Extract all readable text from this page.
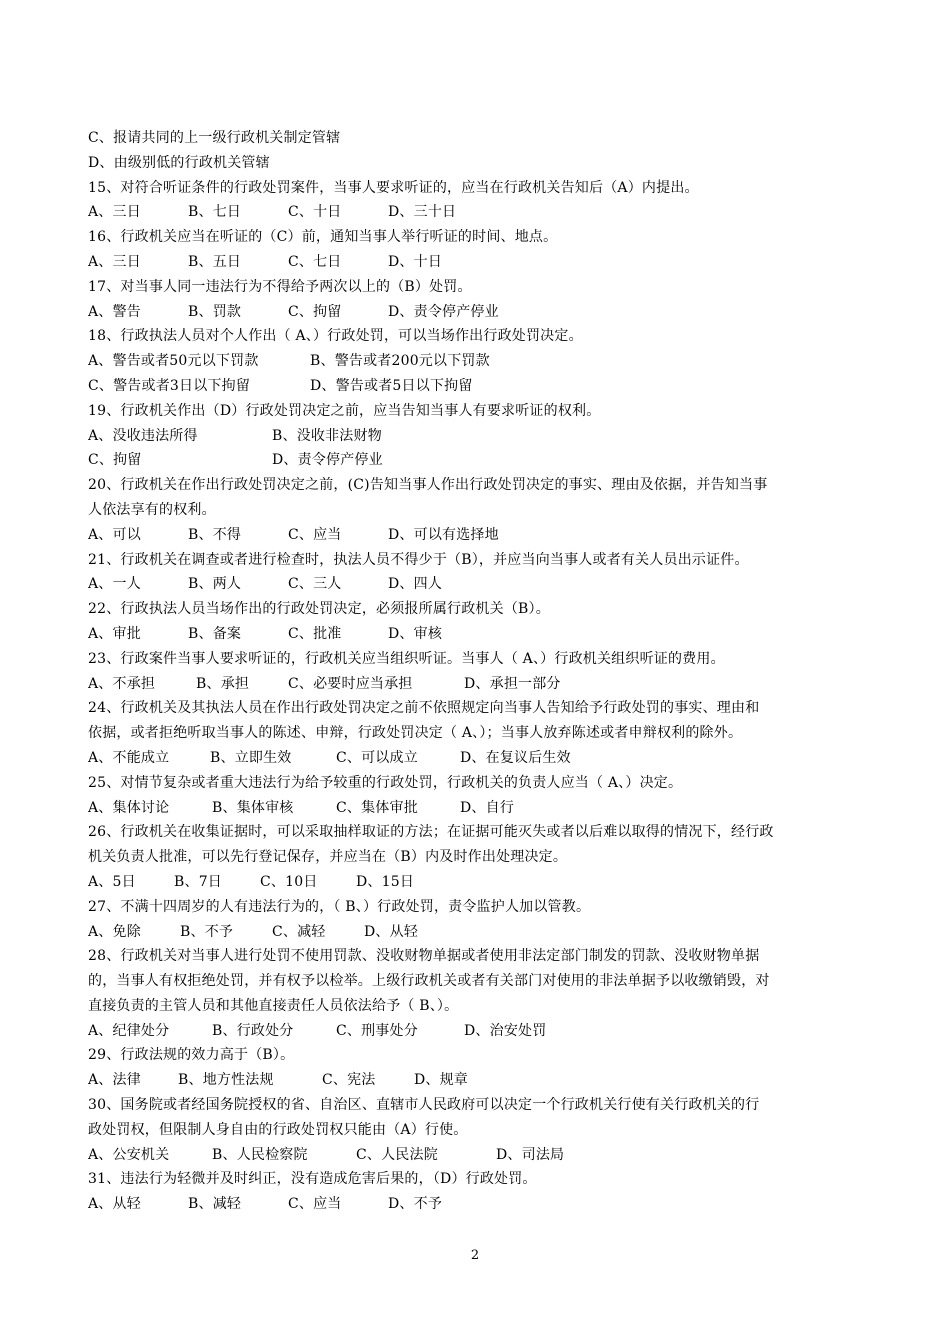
C、报请共同的上一级行政机关制定管辖
D、由级别低的行政机关管辖
15、对符合听证条件的行政处罚案件，当事人要求听证的，应当在行政机关告知后（A）内提出。
A、三日	B、七日	C、十日	D、三十日
16、行政机关应当在听证的（C）前，通知当事人举行听证的时间、地点。
A、三日	B、五日	C、七日	D、十日
17、对当事人同一违法行为不得给予两次以上的（B）处罚。
A、警告	B、罚款	C、拘留	D、责令停产停业
18、行政执法人员对个人作出（ A、）行政处罚，可以当场作出行政处罚决定。
A、警告或者50元以下罚款	B、警告或者200元以下罚款
C、警告或者3日以下拘留	D、警告或者5日以下拘留
19、行政机关作出（D）行政处罚决定之前，应当告知当事人有要求听证的权利。
A、没收违法所得	B、没收非法财物
C、拘留	D、责令停产停业
20、行政机关在作出行政处罚决定之前，(C)告知当事人作出行政处罚决定的事实、理由及依据，并告知当事
人依法享有的权利。
A、可以	B、不得	C、应当	D、可以有选择地
21、行政机关在调查或者进行检查时，执法人员不得少于（B），并应当向当事人或者有关人员出示证件。
A、一人	B、两人	C、三人	D、四人
22、行政执法人员当场作出的行政处罚决定，必须报所属行政机关（B）。
A、审批	B、备案	C、批准	D、审核
23、行政案件当事人要求听证的，行政机关应当组织听证。当事人（ A、）行政机关组织听证的费用。
A、不承担	B、承担	C、必要时应当承担	D、承担一部分
24、行政机关及其执法人员在作出行政处罚决定之前不依照规定向当事人告知给予行政处罚的事实、理由和
依据，或者拒绝听取当事人的陈述、申辩，行政处罚决定（ A、）；当事人放弃陈述或者申辩权利的除外。
A、不能成立	B、立即生效	C、可以成立	D、在复议后生效
25、对情节复杂或者重大违法行为给予较重的行政处罚，行政机关的负责人应当（ A、）决定。
A、集体讨论	B、集体审核	C、集体审批	D、自行
26、行政机关在收集证据时，可以采取抽样取证的方法；在证据可能灭失或者以后难以取得的情况下，经行政
机关负责人批准，可以先行登记保存，并应当在（B）内及时作出处理决定。
A、5日	B、7日	C、10日	D、15日
27、不满十四周岁的人有违法行为的，（ B、）行政处罚，责令监护人加以管教。
A、免除	B、不予	C、减轻	D、从轻
28、行政机关对当事人进行处罚不使用罚款、没收财物单据或者使用非法定部门制发的罚款、没收财物单据
的，当事人有权拒绝处罚，并有权予以检举。上级行政机关或者有关部门对使用的非法单据予以收缴销毁，对
直接负责的主管人员和其他直接责任人员依法给予（ B、）。
A、纪律处分	B、行政处分	C、刑事处分	D、治安处罚
29、行政法规的效力高于（B）。
A、法律	B、地方性法规	C、宪法	D、规章
30、国务院或者经国务院授权的省、自治区、直辖市人民政府可以决定一个行政机关行使有关行政机关的行
政处罚权，但限制人身自由的行政处罚权只能由（A）行使。
A、公安机关	B、人民检察院	C、人民法院	D、司法局
31、违法行为轻微并及时纠正，没有造成危害后果的，（D）行政处罚。
A、从轻	B、减轻	C、应当	D、不予
2
